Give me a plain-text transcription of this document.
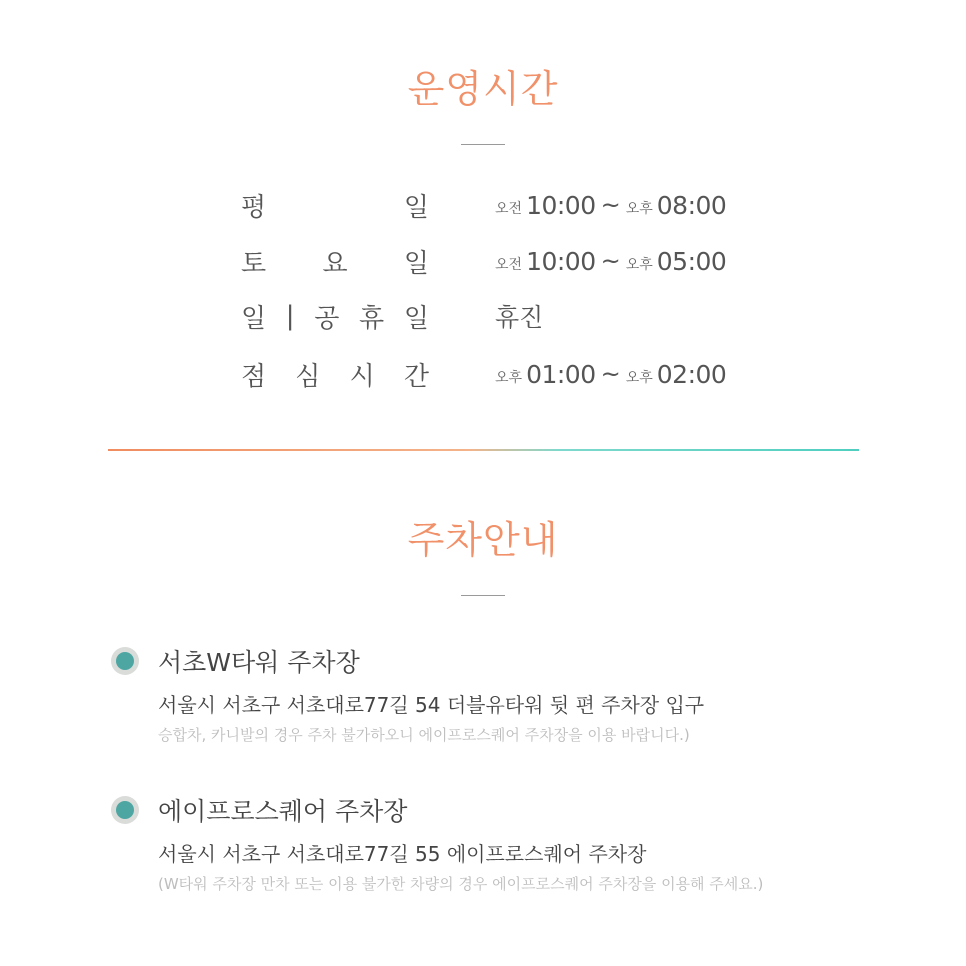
운영시간
평	일	오전 10:00 ~ 오후 08:00
토 요 일	오전 10:00 ~ 오후 05:00
일 | 공 휴 일	휴진
점 심 시 간	오후 01:00 ~ 오후 02:00
주차안내
서초W타워 주차장
서울시 서초구 서초대로77길 54 더블유타워 뒷 편 주차장 입구
승합차, 카니발의 경우 주차 불가하오니 에이프로스퀘어 주차장을 이용 바랍니다.)
에이프로스퀘어 주차장
서울시 서초구 서초대로77길 55 에이프로스퀘어 주차장
(W타워 주차장 만차 또는 이용 불가한 차량의 경우 에이프로스퀘어 주차장을 이용해 주세요.)
